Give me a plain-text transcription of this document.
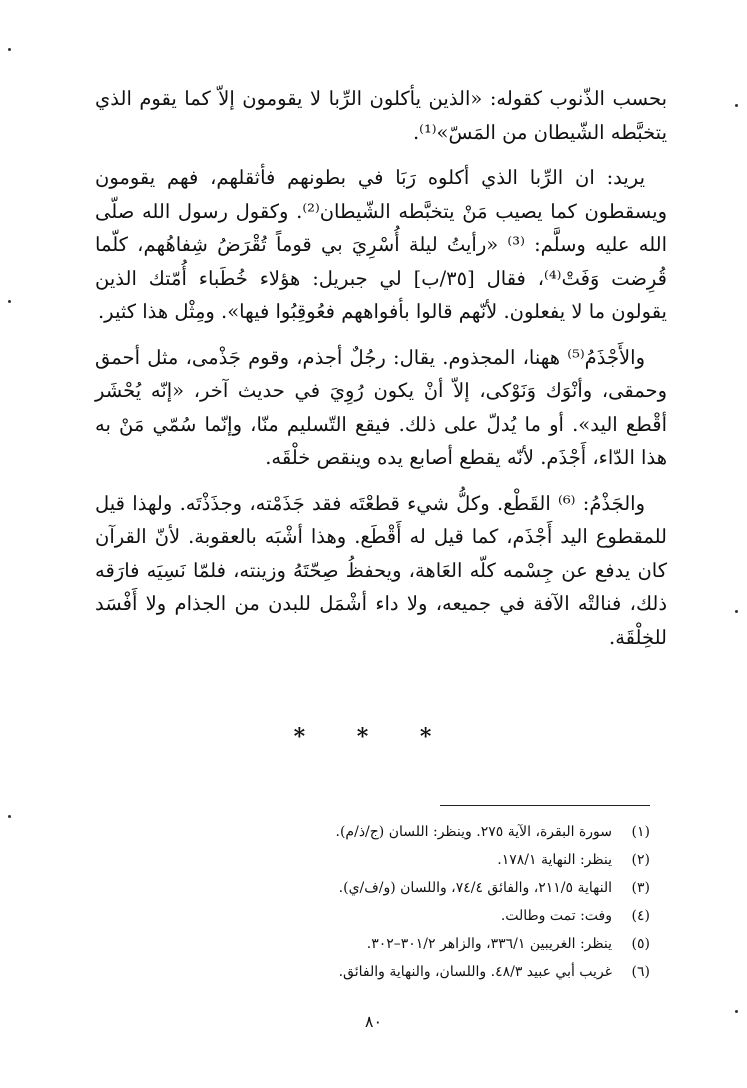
بحسب الذّنوب كقوله: «الذين يأكلون الرِّبا لا يقومون إلاّ كما يقوم الذي يتخبَّطه الشّيطان من المَسّ»⁽¹⁾.

يريد: ان الرِّبا الذي أكلوه رَبَا في بطونهم فأثقلهم، فهم يقومون ويسقطون كما يصيب مَنْ يتخبَّطه الشّيطان⁽²⁾. وكقول رسول الله صلّى الله عليه وسلَّم: ⁽³⁾ «رأيتُ ليلة أُسْرِيَ بي قوماً تُقْرَضُ شِفاهُهم، كلّما قُرِضت وَفَتْ⁽⁴⁾، فقال [٣٥/ب] لي جبريل: هؤلاء خُطَباء أُمّتك الذين يقولون ما لا يفعلون. لأنّهم قالوا بأفواههم فعُوقِبُوا فيها». ومِثْل هذا كثير.

والأَجْذَمُ⁽⁵⁾ ههنا، المجذوم. يقال: رجُلٌ أجذم، وقوم جَذْمى، مثل أحمق وحمقى، وأنْوَك وَنَوْكى، إلاّ أنْ يكون رُوِيَ في حديث آخر، «إنّه يُحْشَر أقْطع اليد». أو ما يُدلّ على ذلك. فيقع التّسليم منّا، وإنّما سُمّي مَنْ به هذا الدّاء، أَجْذَم. لأنّه يقطع أصابع يده وينقص خلْقَه.

والجَذْمُ: ⁽⁶⁾ القَطْع. وكلُّ شيء قطعْتَه فقد جَذَمْته، وجذَذْتَه. ولهذا قيل للمقطوع اليد أَجْذَم، كما قيل له أَقْطَع. وهذا أشْبَه بالعقوبة. لأنّ القرآن كان يدفع عن جِسْمه كلّه العَاهة، ويحفظُ صِحّتَهُ وزينته، فلمّا نَسِيَه فارَقه ذلك، فنالتْه الآفة في جميعه، ولا داء أشْمَل للبدن من الجذام ولا أَفْسَد للخِلْقَة.

* * *
(١)
سورة البقرة، الآية ٢٧٥. وينظر: اللسان (ج/ذ/م).
(٢)
ينظر: النهاية ١٧٨/١.
(٣)
النهاية ٢١١/٥، والفائق ٧٤/٤، واللسان (و/ف/ي).
(٤)
وفت: تمت وطالت.
(٥)
ينظر: الغريبين ٣٣٦/١، والزاهر ٣٠١/٢–٣٠٢.
(٦)
غريب أبي عبيد ٤٨/٣. واللسان، والنهاية والفائق.
٨٠
